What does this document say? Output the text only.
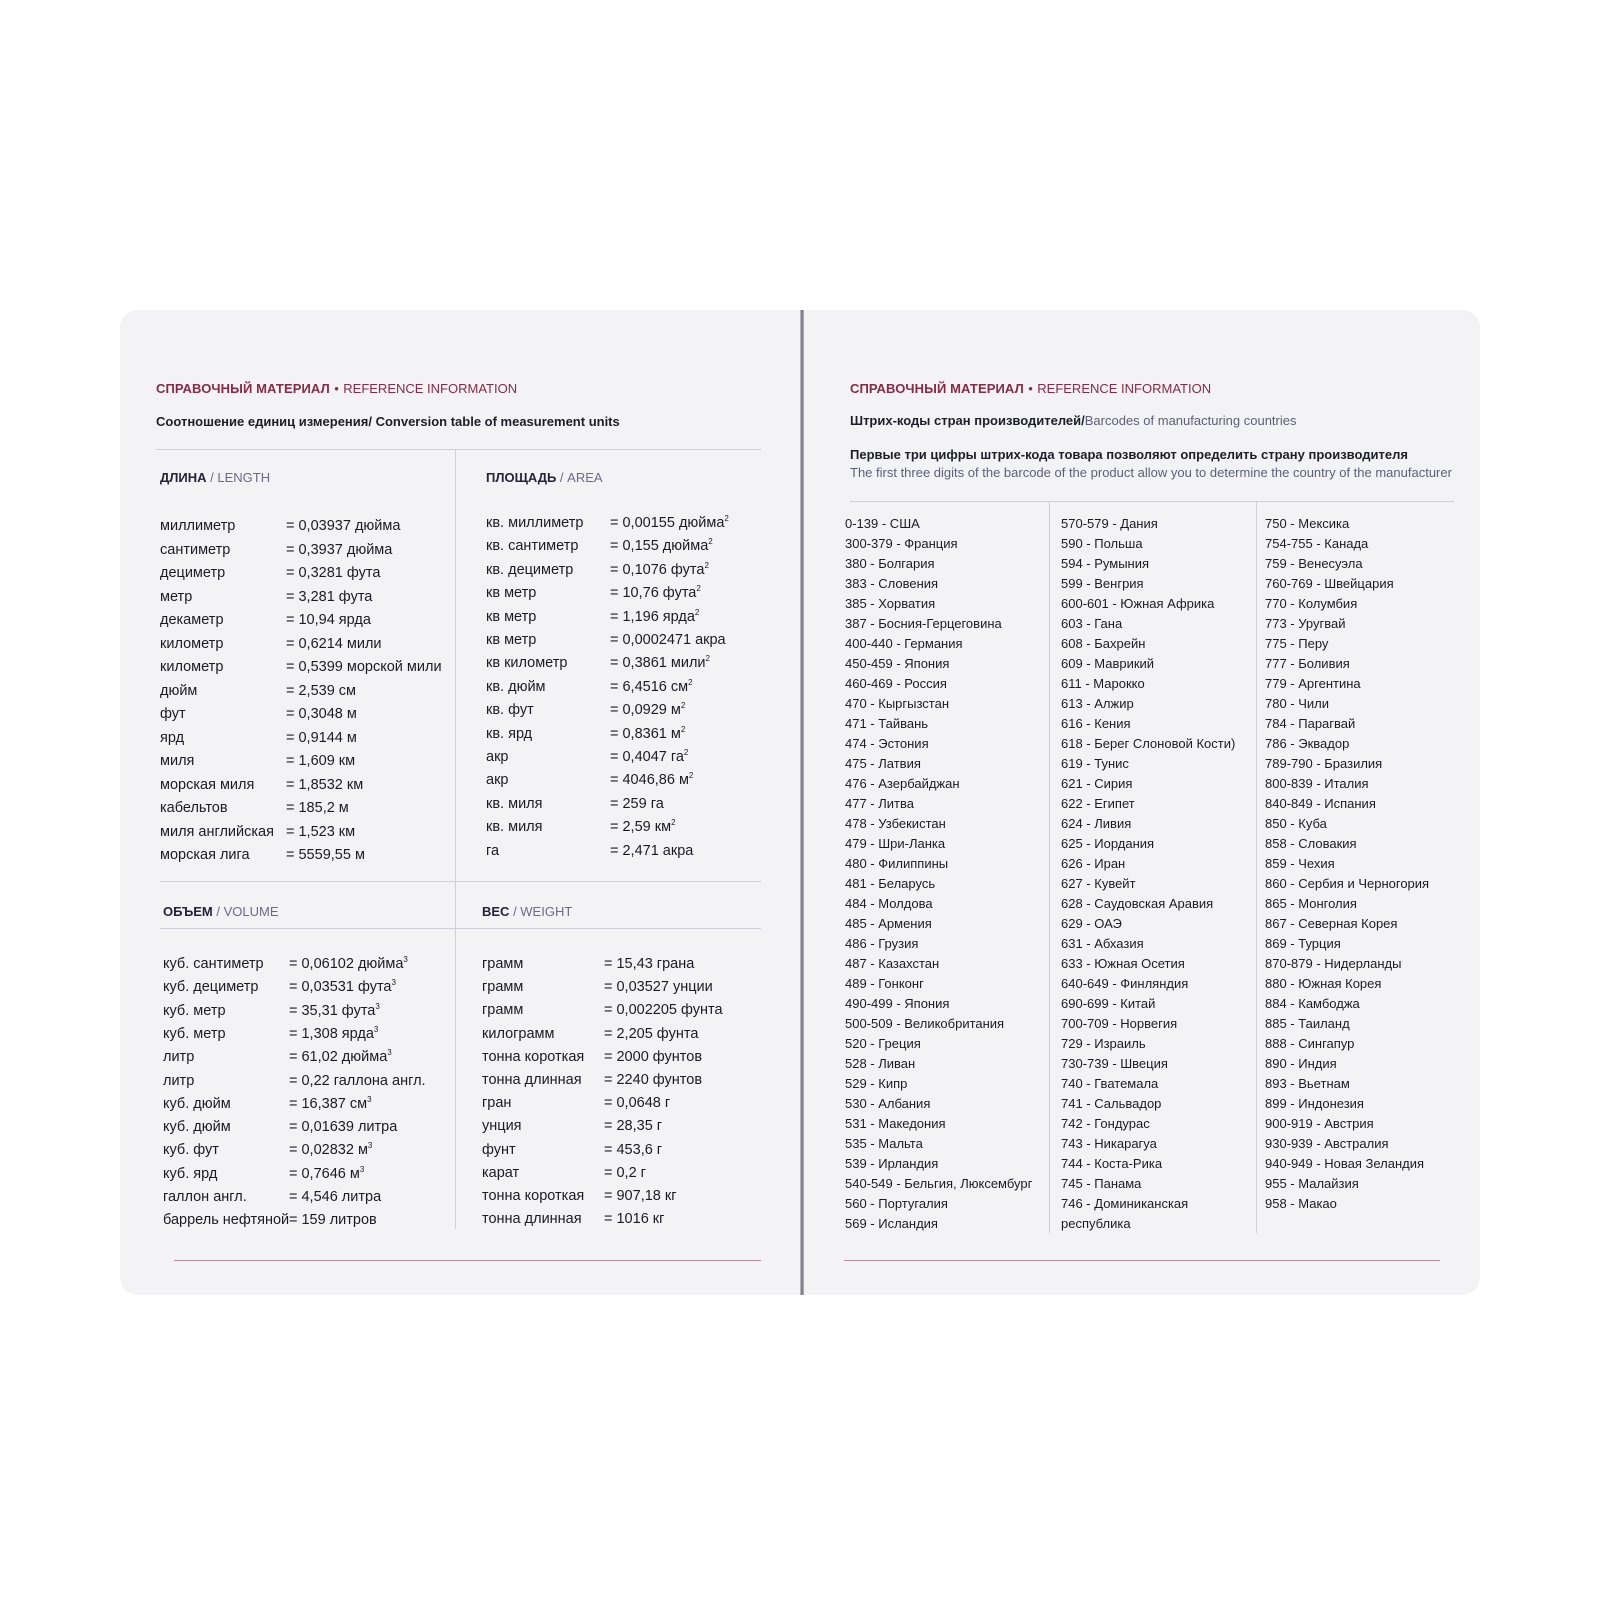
СПРАВОЧНЫЙ МАТЕРИАЛ • REFERENCE INFORMATION
Соотношение единиц измерения/ Conversion table of measurement units
ДЛИНА / LENGTH	ПЛОЩАДЬ / AREA
ОБЪЕМ / VOLUME	ВЕС / WEIGHT
миллиметр	= 0,03937 дюйма
сантиметр	= 0,3937 дюйма
дециметр	= 0,3281 фута
метр	= 3,281 фута
декаметр	= 10,94 ярда
километр	= 0,6214 мили
километр	= 0,5399 морской мили
дюйм	= 2,539 см
фут	= 0,3048 м
ярд	= 0,9144 м
миля	= 1,609 км
морская миля = 1,8532 км
кабельтов	= 185,2 м
миля английская = 1,523 км
морская лига	= 5559,55 м
кв. миллиметр = 0,00155 дюйма$^2$
кв. сантиметр = 0,155 дюйма$^2$
кв. дециметр	= 0,1076 фута$^2$
кв метр	= 10,76 фута$^2$
кв метр	= 1,196 ярда$^2$
кв метр	= 0,0002471 акра
кв километр	= 0,3861 мили$^2$
кв. дюйм	= 6,4516 $см^2$
кв. фут	= 0,0929 $м^2$
кв. ярд	= 0,8361 $м^2$
акр	= 0,4047 $га^2$
акр	= 4046,86 $м^2$
кв. миля	= 259 га
кв. миля	= 2,59 $км^2$
га	= 2,471 акра
куб. сантиметр = 0,06102 дюйма$^3$
куб. дециметр = 0,03531 фута$^3$
куб. метр	= 35,31 фута$^3$
куб. метр	= 1,308 ярда$^3$
литр	= 61,02 дюйма$^3$
литр	= 0,22 галлона англ.
куб. дюйм	= 16,387 $см^3$
куб. дюйм	= 0,01639 литра
куб. фут	= 0,02832 $м^3$
куб. ярд	= 0,7646 $м^3$
галлон англ.	= 4,546 литра
баррель нефтяной = 159 литров
грамм	= 15,43 грана
грамм	= 0,03527 унции
грамм	= 0,002205 фунта
килограмм	= 2,205 фунта
тонна короткая = 2000 фунтов
тонна длинная = 2240 фунтов
гран	= 0,0648 г
унция	= 28,35 г
фунт	= 453,6 г
карат	= 0,2 г
тонна короткая = 907,18 кг
тонна длинная = 1016 кг
СПРАВОЧНЫЙ МАТЕРИАЛ • REFERENCE INFORMATION
Штрих-коды стран производителей/Barcodes of manufacturing countries
Первые три цифры штрих-кода товара позволяют определить страну производителя
The first three digits of the barcode of the product allow you to determine the country of the manufacturer
0-139 - США
300-379 - Франция
380 - Болгария
383 - Словения
385 - Хорватия
387 - Босния-Герцеговина
400-440 - Германия
450-459 - Япония
460-469 - Россия
470 - Кыргызстан
471 - Тайвань
474 - Эстония
475 - Латвия
476 - Азербайджан
477 - Литва
478 - Узбекистан
479 - Шри-Ланка
480 - Филиппины
481 - Беларусь
484 - Молдова
485 - Армения
486 - Грузия
487 - Казахстан
489 - Гонконг
490-499 - Япония
500-509 - Великобритания
520 - Греция
528 - Ливан
529 - Кипр
530 - Албания
531 - Македония
535 - Мальта
539 - Ирландия
540-549 - Бельгия, Люксембург
560 - Португалия
569 - Исландия
570-579 - Дания
590 - Польша
594 - Румыния
599 - Венгрия
600-601 - Южная Африка
603 - Гана
608 - Бахрейн
609 - Маврикий
611 - Марокко
613 - Алжир
616 - Кения
618 - Берег Слоновой Кости)
619 - Тунис
621 - Сирия
622 - Египет
624 - Ливия
625 - Иордания
626 - Иран
627 - Кувейт
628 - Саудовская Аравия
629 - ОАЭ
631 - Абхазия
633 - Южная Осетия
640-649 - Финляндия
690-699 - Китай
700-709 - Норвегия
729 - Израиль
730-739 - Швеция
740 - Гватемала
741 - Сальвадор
742 - Гондурас
743 - Никарагуа
744 - Коста-Рика
745 - Панама
746 - Доминиканская
республика
750 - Мексика
754-755 - Канада
759 - Венесуэла
760-769 - Швейцария
770 - Колумбия
773 - Уругвай
775 - Перу
777 - Боливия
779 - Аргентина
780 - Чили
784 - Парагвай
786 - Эквадор
789-790 - Бразилия
800-839 - Италия
840-849 - Испания
850 - Куба
858 - Словакия
859 - Чехия
860 - Сербия и Черногория
865 - Монголия
867 - Северная Корея
869 - Турция
870-879 - Нидерланды
880 - Южная Корея
884 - Камбоджа
885 - Таиланд
888 - Сингапур
890 - Индия
893 - Вьетнам
899 - Индонезия
900-919 - Австрия
930-939 - Австралия
940-949 - Новая Зеландия
955 - Малайзия
958 - Макао
